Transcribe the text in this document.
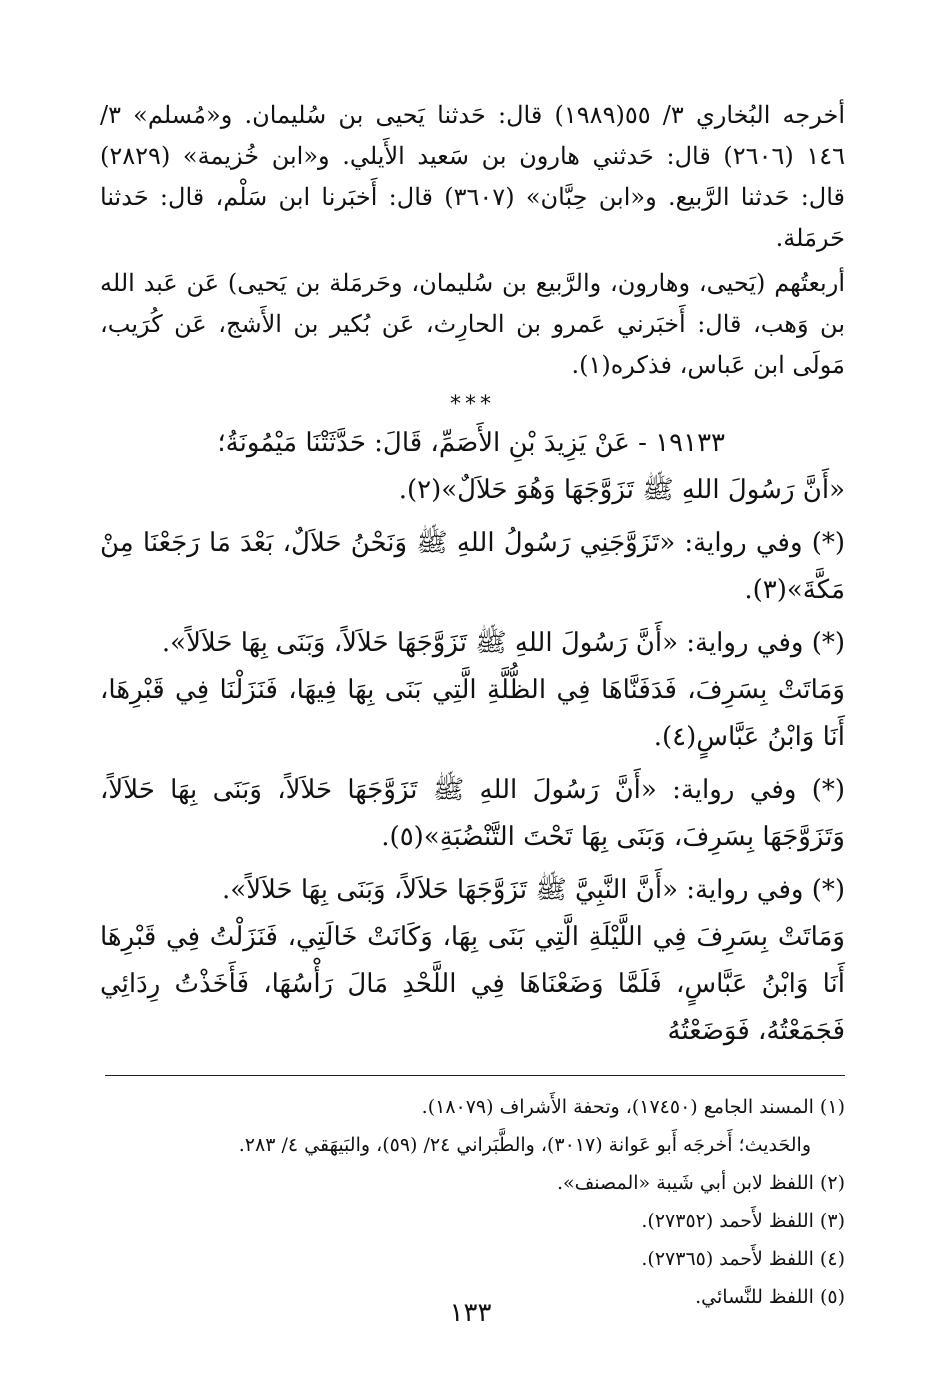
أخرجه البُخاري ٣/ ٥٥(١٩٨٩) قال: حَدثنا يَحيى بن سُليمان. و«مُسلم» ٣/ ١٤٦ (٢٦٠٦) قال: حَدثني هارون بن سَعيد الأَيلي. و«ابن خُزيمة» (٢٨٢٩) قال: حَدثنا الرَّبيع. و«ابن حِبَّان» (٣٦٠٧) قال: أَخبَرنا ابن سَلْم، قال: حَدثنا حَرمَلة.

أربعتُهم (يَحيى، وهارون، والرَّبيع بن سُليمان، وحَرمَلة بن يَحيى) عَن عَبد الله بن وَهب، قال: أَخبَرني عَمرو بن الحارِث، عَن بُكير بن الأَشج، عَن كُرَيب، مَولَى ابن عَباس، فذكره(١).

***

١٩١٣٣ - عَنْ يَزِيدَ بْنِ الأَصَمِّ، قَالَ: حَدَّثَتْنَا مَيْمُونَةُ؛

«أَنَّ رَسُولَ اللهِ ﷺ تَزَوَّجَهَا وَهُوَ حَلاَلٌ»(٢).

(*) وفي رواية: «تَزَوَّجَنِي رَسُولُ اللهِ ﷺ وَنَحْنُ حَلاَلٌ، بَعْدَ مَا رَجَعْنَا مِنْ مَكَّةَ»(٣).

(*) وفي رواية: «أَنَّ رَسُولَ اللهِ ﷺ تَزَوَّجَهَا حَلاَلاً، وَبَنَى بِهَا حَلاَلاً».

وَمَاتَتْ بِسَرِفَ، فَدَفَنَّاهَا فِي الظُّلَّةِ الَّتِي بَنَى بِهَا فِيهَا، فَنَزَلْنَا فِي قَبْرِهَا، أَنَا وَابْنُ عَبَّاسٍ(٤).

(*) وفي رواية: «أَنَّ رَسُولَ اللهِ ﷺ تَزَوَّجَهَا حَلاَلاً، وَبَنَى بِهَا حَلاَلاً، وَتَزَوَّجَهَا بِسَرِفَ، وَبَنَى بِهَا تَحْتَ التَّنْضُبَةِ»(٥).

(*) وفي رواية: «أَنَّ النَّبِيَّ ﷺ تَزَوَّجَهَا حَلاَلاً، وَبَنَى بِهَا حَلاَلاً».

وَمَاتَتْ بِسَرِفَ فِي اللَّيْلَةِ الَّتِي بَنَى بِهَا، وَكَانَتْ خَالَتِي، فَنَزَلْتُ فِي قَبْرِهَا أَنَا وَابْنُ عَبَّاسٍ، فَلَمَّا وَضَعْنَاهَا فِي اللَّحْدِ مَالَ رَأْسُهَا، فَأَخَذْتُ رِدَائِي فَجَمَعْتُهُ، فَوَضَعْتُهُ

(١) المسند الجامع (١٧٤٥٠)، وتحفة الأَشراف (١٨٠٧٩).

والحَديث؛ أَخرجَه أَبو عَوانة (٣٠١٧)، والطَّبَراني ٢٤/ (٥٩)، والبَيهَقي ٤/ ٢٨٣.

(٢) اللفظ لابن أبي شَيبة «المصنف».

(٣) اللفظ لأَحمد (٢٧٣٥٢).

(٤) اللفظ لأَحمد (٢٧٣٦٥).

(٥) اللفظ للنَّسائي.

١٣٣
